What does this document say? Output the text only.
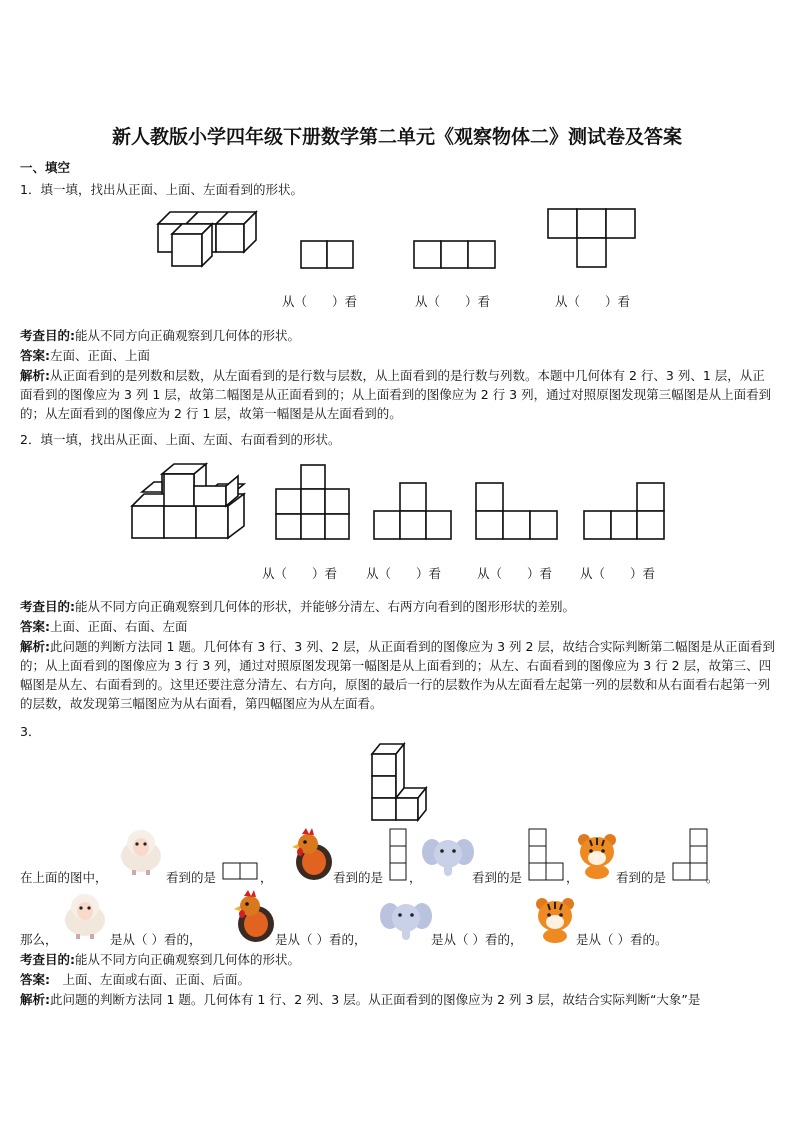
新人教版小学四年级下册数学第二单元《观察物体二》测试卷及答案
一、填空
1．填一填，找出从正面、上面、左面看到的形状。
从（　　）看	从（　　）看	从（　　）看
考查目的:能从不同方向正确观察到几何体的形状。
答案:左面、正面、上面
解析:从正面看到的是列数和层数，从左面看到的是行数与层数，从上面看到的是行数与列数。本题中几何体有 2 行、3 列、1 层，从正面看到的图像应为 3 列 1 层，故第二幅图是从正面看到的；从上面看到的图像应为 2 行 3 列，通过对照原图发现第三幅图是从上面看到的；从左面看到的图像应为 2 行 1 层，故第一幅图是从左面看到的。
2．填一填，找出从正面、上面、左面、右面看到的形状。
从（　　）看 从（　　）看	从（　　）看 从（　　）看
考查目的:能从不同方向正确观察到几何体的形状，并能够分清左、右两方向看到的图形形状的差别。
答案:上面、正面、右面、左面
解析:此问题的判断方法同 1 题。几何体有 3 行、3 列、2 层，从正面看到的图像应为 3 列 2 层，故结合实际判断第二幅图是从正面看到的；从上面看到的图像应为 3 行 3 列，通过对照原图发现第一幅图是从上面看到的；从左、右面看到的图像应为 3 行 2 层，故第三、四幅图是从左、右面看到的。这里还要注意分清左、右方向，原图的最后一行的层数作为从左面看左起第一列的层数和从右面看右起第一列的层数，故发现第三幅图应为从右面看，第四幅图应为从左面看。
3．
在上面的图中，	看到的是	，	看到的是 ，	看到的是	，	看到的是	。
那么，	是从（ ）看的，	是从（ ）看的，	是从（ ）看的，	是从（ ）看的。
考查目的:能从不同方向正确观察到几何体的形状。
答案:　上面、左面或右面、正面、后面。
解析:此问题的判断方法同 1 题。几何体有 1 行、2 列、3 层。从正面看到的图像应为 2 列 3 层，故结合实际判断“大象”是
